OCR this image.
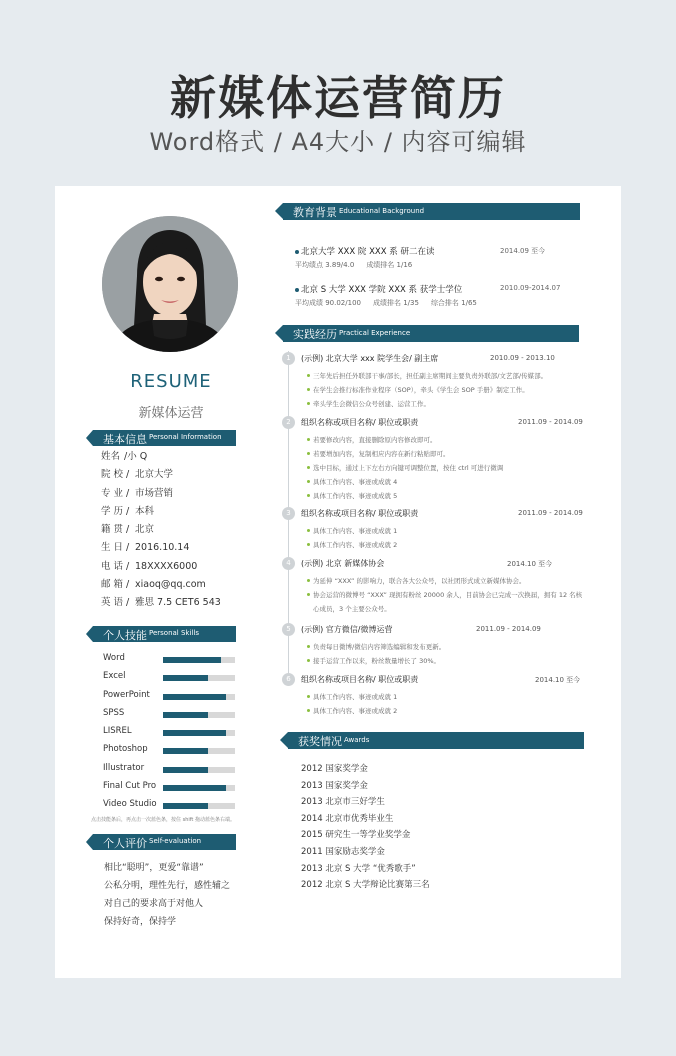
新媒体运营简历
Word格式 / A4大小 / 内容可编辑
RESUME
新媒体运营
基本信息 Personal Information
姓名 /小 Q
院 校 / 北京大学
专 业 / 市场营销
学 历 / 本科
籍 贯 / 北京
生 日 / 2016.10.14
电 话 / 18XXXX6000
邮 箱 / xiaoq@qq.com
英 语 / 雅思 7.5 CET6 543
个人技能 Personal Skills
Word
Excel
PowerPoint
SPSS
LISREL
Photoshop
Illustrator
Final Cut Pro
Video Studio
点击技能条后，再点击一次蓝色条，按住 shift 拖动蓝色条右端。
个人评价 Self-evaluation
相比“聪明”，更爱“靠谱”
公私分明，理性先行，感性辅之
对自己的要求高于对他人
保持好奇，保持学
教育背景 Educational Background
北京大学 XXX 院 XXX 系 研二在读	2014.09 至今
平均绩点 3.89/4.0 成绩排名 1/16
北京 S 大学 XXX 学院 XXX 系 获学士学位	2010.09-2014.07
平均成绩 90.02/100 成绩排名 1/35 综合排名 1/65
实践经历 Practical Experience
1	(示例) 北京大学 xxx 院学生会/ 副主席	2010.09 - 2013.10
三年先后担任外联部干事/部长，担任副主席期间主要负责外联部/文艺部/传媒部。
在学生会推行标准作业程序（SOP），牵头《学生会 SOP 手册》制定工作。
牵头学生会微信公众号创建、运营工作。
2	组织名称或项目名称/ 职位或职责	2011.09 - 2014.09
若要修改内容，直接删除原内容修改即可。
若要增加内容，复制相应内容在新行粘贴即可。
选中目标，通过上下左右方向键可调整位置，按住 ctrl 可进行微调
具体工作内容、事迹或成就 4
具体工作内容、事迹或成就 5
3	组织名称或项目名称/ 职位或职责	2011.09 - 2014.09
具体工作内容、事迹或成就 1
具体工作内容、事迹或成就 2
4	(示例) 北京 新媒体协会	2014.10 至今
为延伸 “XXX” 的影响力，联合各大公众号，以社团形式成立新媒体协会。
协会运营的微博号 “XXX” 现拥有粉丝 20000 余人，目前协会已完成一次换届，拥有 12 名核心成员，3 个主要公众号。
5	(示例) 官方微信/微博运营	2011.09 - 2014.09
负责每日微博/微信内容筛选编辑和发布更新。
接手运营工作以来，粉丝数量增长了 30%。
6	组织名称或项目名称/ 职位或职责	2014.10 至今
具体工作内容、事迹或成就 1
具体工作内容、事迹或成就 2
获奖情况 Awards
2012 国家奖学金
2013 国家奖学金
2013 北京市三好学生
2014 北京市优秀毕业生
2015 研究生一等学业奖学金
2011 国家励志奖学金
2013 北京 S 大学 “优秀歌手”
2012 北京 S 大学辩论比赛第三名
